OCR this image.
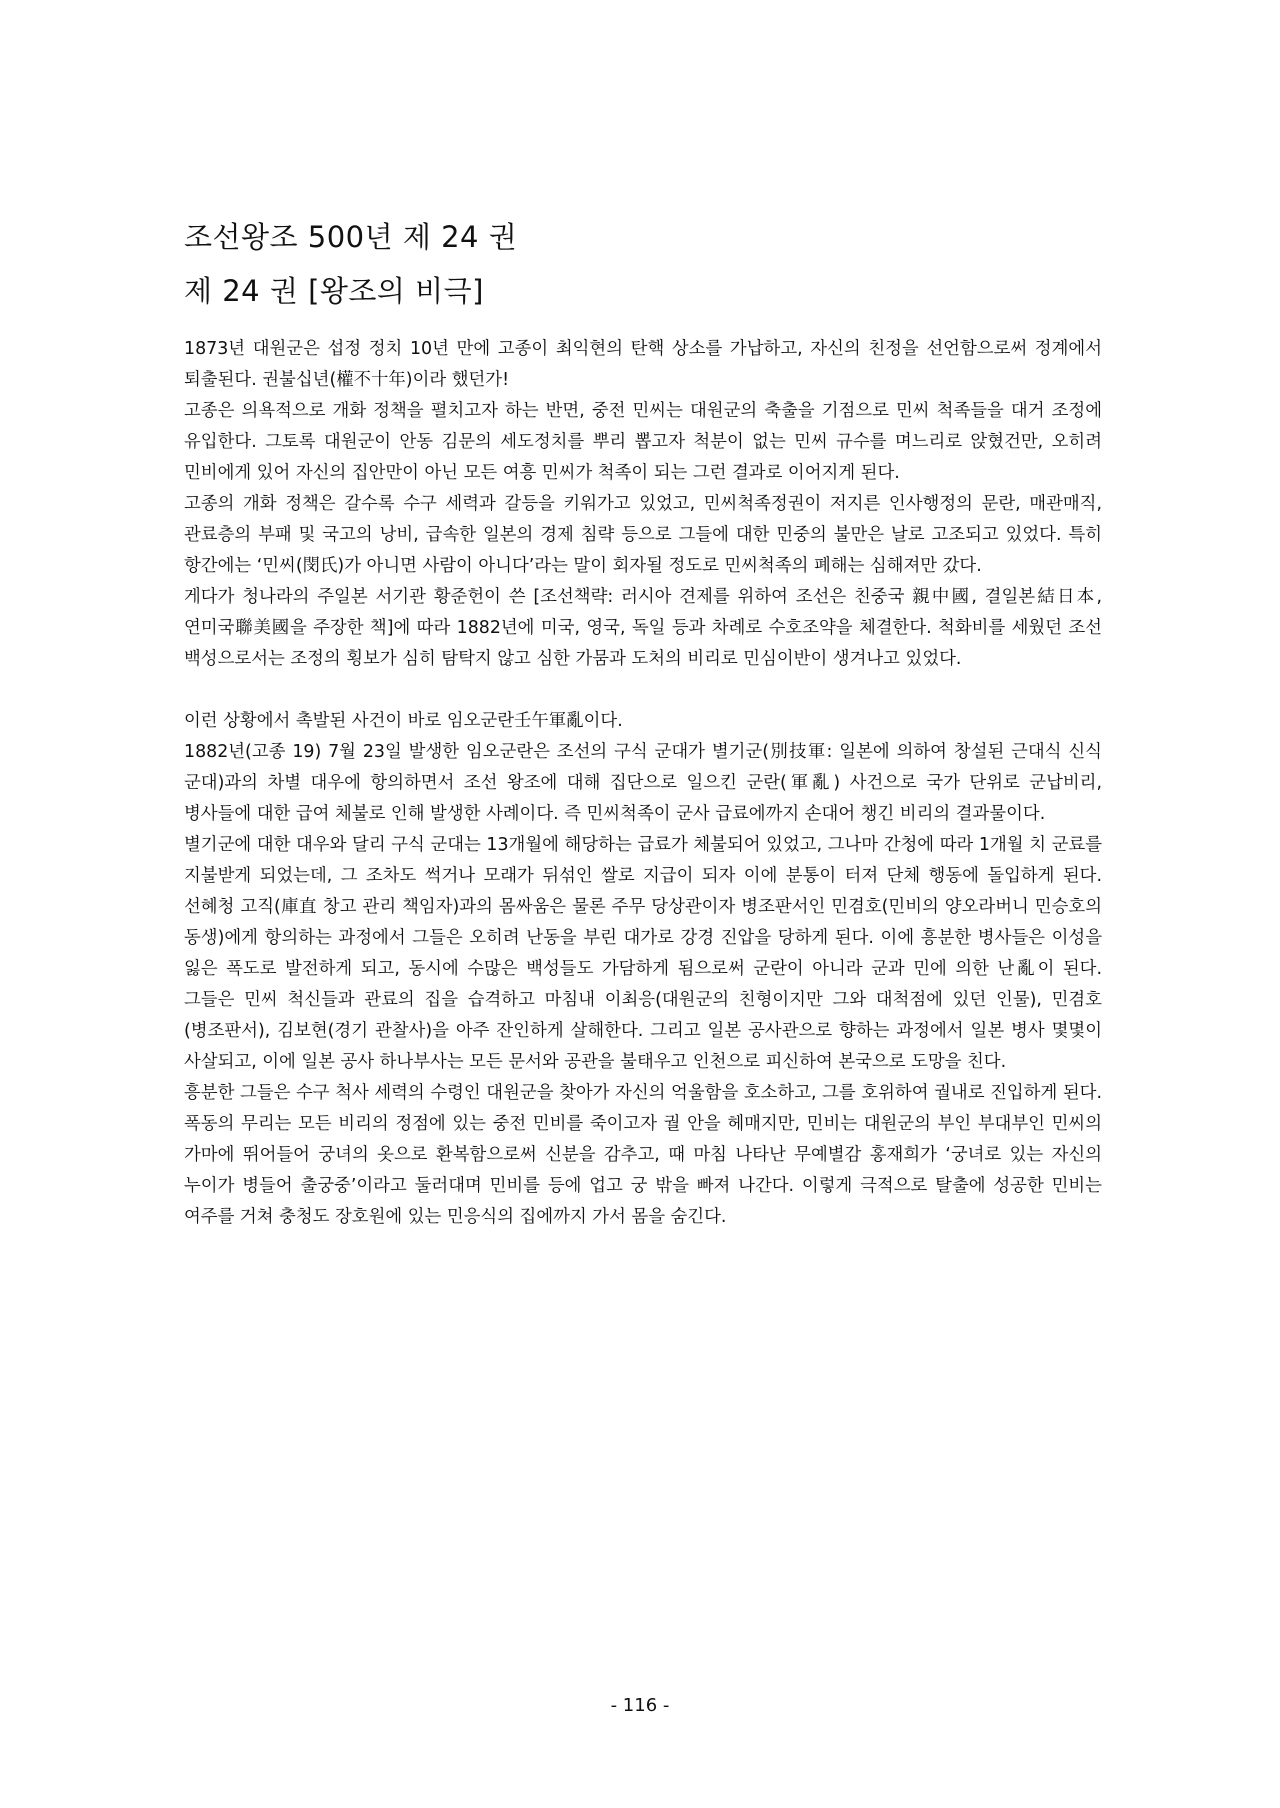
조선왕조 500년 제 24 권
제 24 권 [왕조의 비극]

1873년 대원군은 섭정 정치 10년 만에 고종이 최익현의 탄핵 상소를 가납하고, 자신의 친정을 선언함으로써 정계에서 퇴출된다. 권불십년(權不十年)이라 했던가!

고종은 의욕적으로 개화 정책을 펼치고자 하는 반면, 중전 민씨는 대원군의 축출을 기점으로 민씨 척족들을 대거 조정에 유입한다. 그토록 대원군이 안동 김문의 세도정치를 뿌리 뽑고자 척분이 없는 민씨 규수를 며느리로 앉혔건만, 오히려 민비에게 있어 자신의 집안만이 아닌 모든 여흥 민씨가 척족이 되는 그런 결과로 이어지게 된다.

고종의 개화 정책은 갈수록 수구 세력과 갈등을 키워가고 있었고, 민씨척족정권이 저지른 인사행정의 문란, 매관매직, 관료층의 부패 및 국고의 낭비, 급속한 일본의 경제 침략 등으로 그들에 대한 민중의 불만은 날로 고조되고 있었다. 특히 항간에는 ‘민씨(閔氏)가 아니면 사람이 아니다’라는 말이 회자될 정도로 민씨척족의 폐해는 심해져만 갔다.

게다가 청나라의 주일본 서기관 황준헌이 쓴 [조선책략: 러시아 견제를 위하여 조선은 친중국 親中國, 결일본結日本, 연미국聯美國을 주장한 책]에 따라 1882년에 미국, 영국, 독일 등과 차례로 수호조약을 체결한다. 척화비를 세웠던 조선 백성으로서는 조정의 횡보가 심히 탐탁지 않고 심한 가뭄과 도처의 비리로 민심이반이 생겨나고 있었다.

이런 상황에서 촉발된 사건이 바로 임오군란壬午軍亂이다.

1882년(고종 19) 7월 23일 발생한 임오군란은 조선의 구식 군대가 별기군(別技軍: 일본에 의하여 창설된 근대식 신식 군대)과의 차별 대우에 항의하면서 조선 왕조에 대해 집단으로 일으킨 군란(軍亂) 사건으로 국가 단위로 군납비리, 병사들에 대한 급여 체불로 인해 발생한 사례이다. 즉 민씨척족이 군사 급료에까지 손대어 챙긴 비리의 결과물이다.

별기군에 대한 대우와 달리 구식 군대는 13개월에 해당하는 급료가 체불되어 있었고, 그나마 간청에 따라 1개월 치 군료를 지불받게 되었는데, 그 조차도 썩거나 모래가 뒤섞인 쌀로 지급이 되자 이에 분통이 터져 단체 행동에 돌입하게 된다. 선혜청 고직(庫直 창고 관리 책임자)과의 몸싸움은 물론 주무 당상관이자 병조판서인 민겸호(민비의 양오라버니 민승호의 동생)에게 항의하는 과정에서 그들은 오히려 난동을 부린 대가로 강경 진압을 당하게 된다. 이에 흥분한 병사들은 이성을 잃은 폭도로 발전하게 되고, 동시에 수많은 백성들도 가담하게 됨으로써 군란이 아니라 군과 민에 의한 난亂이 된다. 그들은 민씨 척신들과 관료의 집을 습격하고 마침내 이최응(대원군의 친형이지만 그와 대척점에 있던 인물), 민겸호(병조판서), 김보현(경기 관찰사)을 아주 잔인하게 살해한다. 그리고 일본 공사관으로 향하는 과정에서 일본 병사 몇몇이 사살되고, 이에 일본 공사 하나부사는 모든 문서와 공관을 불태우고 인천으로 피신하여 본국으로 도망을 친다.

흥분한 그들은 수구 척사 세력의 수령인 대원군을 찾아가 자신의 억울함을 호소하고, 그를 호위하여 궐내로 진입하게 된다. 폭동의 무리는 모든 비리의 정점에 있는 중전 민비를 죽이고자 궐 안을 헤매지만, 민비는 대원군의 부인 부대부인 민씨의 가마에 뛰어들어 궁녀의 옷으로 환복함으로써 신분을 감추고, 때 마침 나타난 무예별감 홍재희가 ‘궁녀로 있는 자신의 누이가 병들어 출궁중’이라고 둘러대며 민비를 등에 업고 궁 밖을 빠져 나간다. 이렇게 극적으로 탈출에 성공한 민비는 여주를 거쳐 충청도 장호원에 있는 민응식의 집에까지 가서 몸을 숨긴다.

- 116 -
